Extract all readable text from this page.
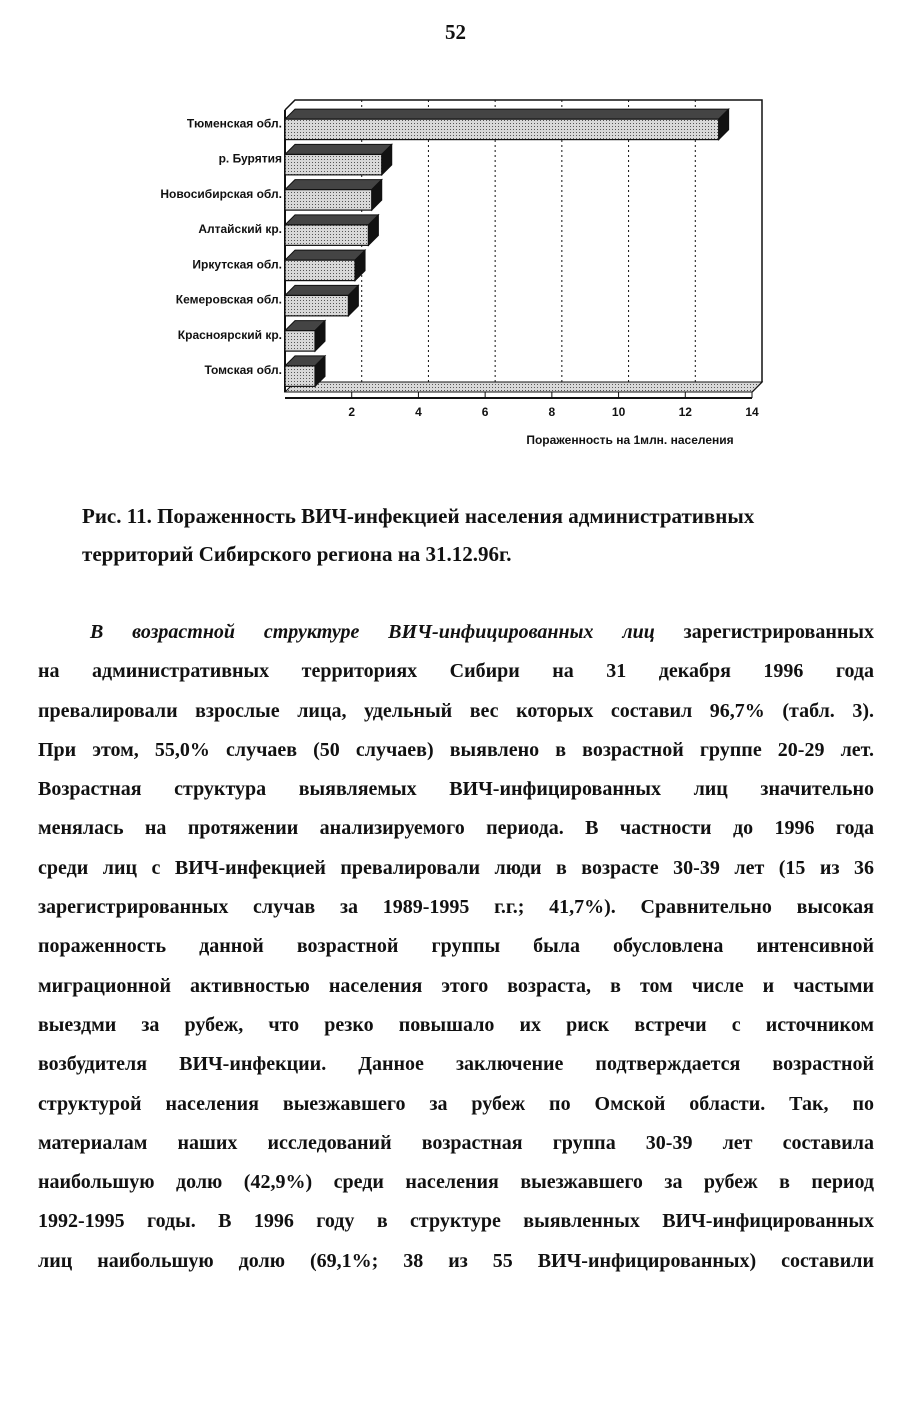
52
2	4	6	8	10	12	14
Тюменская обл.
р. Бурятия
Новосибирская обл.
Алтайский кр.
Иркутская обл.
Кемеровская обл.
Красноярский кр.
Томская обл.
Пораженность на 1млн. населения
Рис. 11. Пораженность ВИЧ-инфекцией населения административных
территорий Сибирского региона на 31.12.96г.
В возрастной структуре ВИЧ-инфицированных лиц зарегистрированных
на административных территориях Сибири на 31 декабря 1996 года
превалировали взрослые лица, удельный вес которых составил 96,7% (табл. 3).
При этом, 55,0% случаев (50 случаев) выявлено в возрастной группе 20-29 лет.
Возрастная структура выявляемых ВИЧ-инфицированных лиц значительно
менялась на протяжении анализируемого периода. В частности до 1996 года
среди лиц с ВИЧ-инфекцией превалировали люди в возрасте 30-39 лет (15 из 36
зарегистрированных случав за 1989-1995 г.г.; 41,7%). Сравнительно высокая
пораженность данной возрастной группы была обусловлена интенсивной
миграционной активностью населения этого возраста, в том числе и частыми
выездми за рубеж, что резко повышало их риск встречи с источником
возбудителя ВИЧ-инфекции. Данное заключение подтверждается возрастной
структурой населения выезжавшего за рубеж по Омской области. Так, по
материалам наших исследований возрастная группа 30-39 лет составила
наибольшую долю (42,9%) среди населения выезжавшего за рубеж в период
1992-1995 годы. В 1996 году в структуре выявленных ВИЧ-инфицированных
лиц наибольшую долю (69,1%; 38 из 55 ВИЧ-инфицированных) составили
